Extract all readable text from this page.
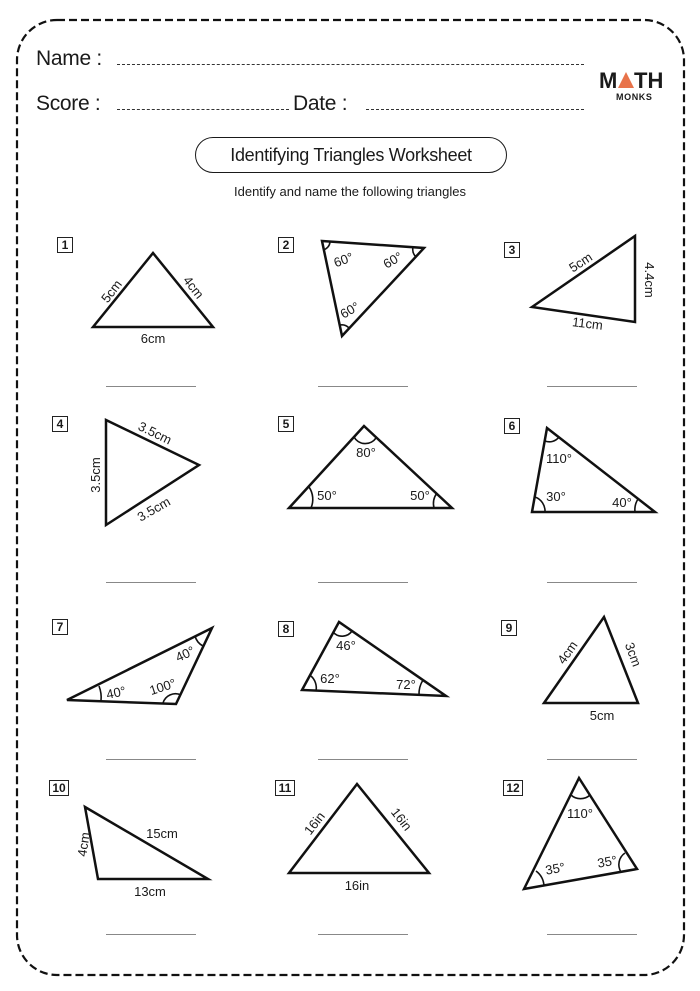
Name :
Score :	Date :
M TH
MONKS
Identifying Triangles Worksheet
Identify and name the following triangles
1
5cm	4cm
6cm
2
60° 60°
60°
3	5cm
4.4cm
11cm
4	3.5cm
3.5cm
3.5cm
5
80°
50°	50°
6
110°
30°	40°
7
40°
40°
100°
8
46°
62°	72°
9
4cm	3cm
5cm
10
4cm	15cm
13cm
11
16in	16in
16in
12
110°
35° 35°
